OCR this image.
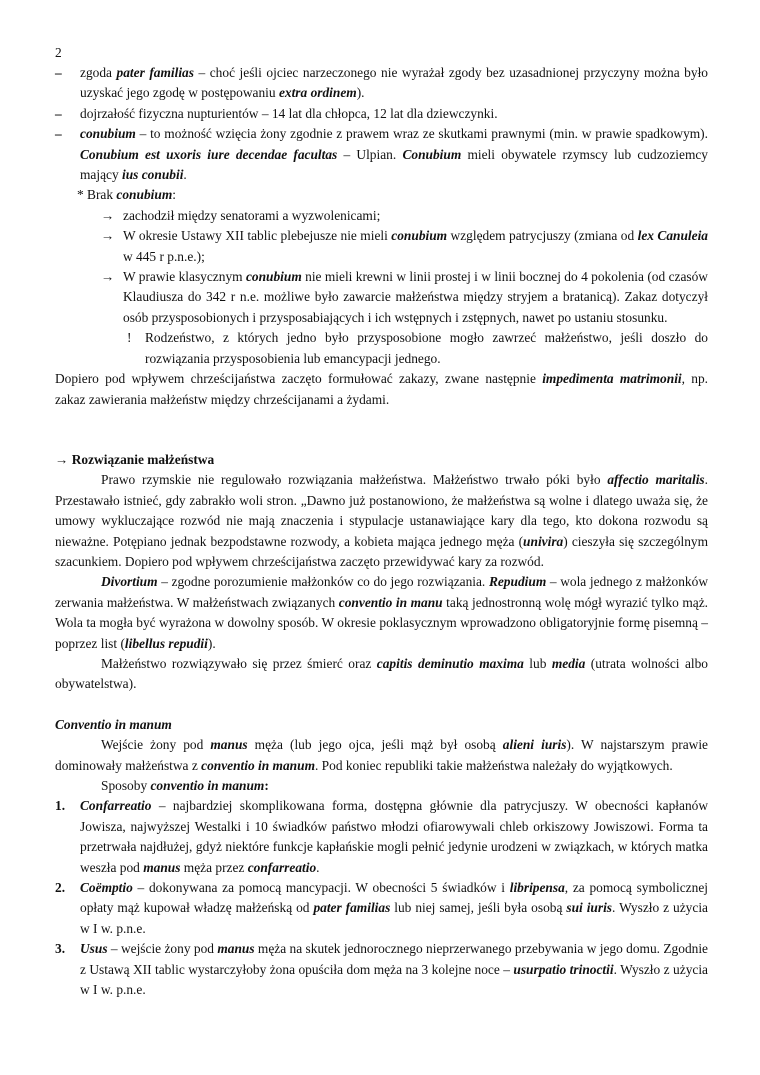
2

– zgoda pater familias – choć jeśli ojciec narzeczonego nie wyrażał zgody bez uzasadnionej przyczyny można było uzyskać jego zgodę w postępowaniu extra ordinem).

– dojrzałość fizyczna nupturientów – 14 lat dla chłopca, 12 lat dla dziewczynki.

– conubium – to możność wzięcia żony zgodnie z prawem wraz ze skutkami prawnymi (min. w prawie spadkowym). Conubium est uxoris iure decendae facultas – Ulpian. Conubium mieli obywatele rzymscy lub cudzoziemcy mający ius conubii.

* Brak conubium:

→ zachodził między senatorami a wyzwolenicami;

→ W okresie Ustawy XII tablic plebejusze nie mieli conubium względem patrycjuszy (zmiana od lex Canuleia w 445 r p.n.e.);

→ W prawie klasycznym conubium nie mieli krewni w linii prostej i w linii bocznej do 4 pokolenia (od czasów Klaudiusza do 342 r n.e. możliwe było zawarcie małżeństwa między stryjem a bratanicą). Zakaz dotyczył osób przysposobionych i przysposabiających i ich wstępnych i zstępnych, nawet po ustaniu stosunku.

! Rodzeństwo, z których jedno było przysposobione mogło zawrzeć małżeństwo, jeśli doszło do rozwiązania przysposobienia lub emancypacji jednego.

Dopiero pod wpływem chrześcijaństwa zaczęto formułować zakazy, zwane następnie impedimenta matrimonii, np. zakaz zawierania małżeństw między chrześcijanami a żydami.

→ Rozwiązanie małżeństwa

Prawo rzymskie nie regulowało rozwiązania małżeństwa. Małżeństwo trwało póki było affectio maritalis. Przestawało istnieć, gdy zabrakło woli stron. „Dawno już postanowiono, że małżeństwa są wolne i dlatego uważa się, że umowy wykluczające rozwód nie mają znaczenia i stypulacje ustanawiające kary dla tego, kto dokona rozwodu są nieważne. Potępiano jednak bezpodstawne rozwody, a kobieta mająca jednego męża (univira) cieszyła się szczególnym szacunkiem. Dopiero pod wpływem chrześcijaństwa zaczęto przewidywać kary za rozwód.

Divortium – zgodne porozumienie małżonków co do jego rozwiązania. Repudium – wola jednego z małżonków zerwania małżeństwa. W małżeństwach związanych conventio in manu taką jednostronną wolę mógł wyrazić tylko mąż. Wola ta mogła być wyrażona w dowolny sposób. W okresie poklasycznym wprowadzono obligatoryjnie formę pisemną – poprzez list (libellus repudii).

Małżeństwo rozwiązywało się przez śmierć oraz capitis deminutio maxima lub media (utrata wolności albo obywatelstwa).

Conventio in manum

Wejście żony pod manus męża (lub jego ojca, jeśli mąż był osobą alieni iuris). W najstarszym prawie dominowały małżeństwa z conventio in manum. Pod koniec republiki takie małżeństwa należały do wyjątkowych.

Sposoby conventio in manum:

1. Confarreatio – najbardziej skomplikowana forma, dostępna głównie dla patrycjuszy. W obecności kapłanów Jowisza, najwyższej Westalki i 10 świadków państwo młodzi ofiarowywali chleb orkiszowy Jowiszowi. Forma ta przetrwała najdłużej, gdyż niektóre funkcje kapłańskie mogli pełnić jedynie urodzeni w związkach, w których matka weszła pod manus męża przez confarreatio.

2. Coëmptio – dokonywana za pomocą mancypacji. W obecności 5 świadków i libripensa, za pomocą symbolicznej opłaty mąż kupował władzę małżeńską od pater familias lub niej samej, jeśli była osobą sui iuris. Wyszło z użycia w I w. p.n.e.

3. Usus – wejście żony pod manus męża na skutek jednorocznego nieprzerwanego przebywania w jego domu. Zgodnie z Ustawą XII tablic wystarczyłoby żona opuściła dom męża na 3 kolejne noce – usurpatio trinoctii. Wyszło z użycia w I w. p.n.e.
